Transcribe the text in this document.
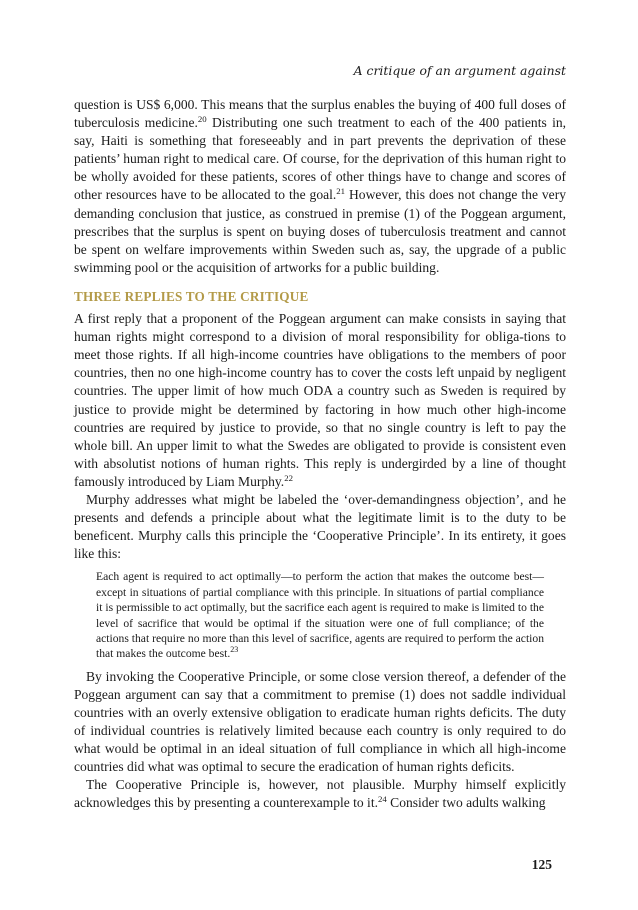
A critique of an argument against

question is US$ 6,000. This means that the surplus enables the buying of 400 full doses of tuberculosis medicine.$^{20}$ Distributing one such treatment to each of the 400 patients in, say, Haiti is something that foreseeably and in part prevents the deprivation of these patients’ human right to medical care. Of course, for the deprivation of this human right to be wholly avoided for these patients, scores of other things have to change and scores of other resources have to be allocated to the goal.$^{21}$ However, this does not change the very demanding conclusion that justice, as construed in premise (1) of the Poggean argument, prescribes that the surplus is spent on buying doses of tuberculosis treatment and cannot be spent on welfare improvements within Sweden such as, say, the upgrade of a public swimming pool or the acquisition of artworks for a public building.

THREE REPLIES TO THE CRITIQUE

A first reply that a proponent of the Poggean argument can make consists in saying that human rights might correspond to a division of moral responsibility for obliga-tions to meet those rights. If all high-income countries have obligations to the members of poor countries, then no one high-income country has to cover the costs left unpaid by negligent countries. The upper limit of how much ODA a country such as Sweden is required by justice to provide might be determined by factoring in how much other high-income countries are required by justice to provide, so that no single country is left to pay the whole bill. An upper limit to what the Swedes are obligated to provide is consistent even with absolutist notions of human rights. This reply is undergirded by a line of thought famously introduced by Liam Murphy.$^{22}$

Murphy addresses what might be labeled the ‘over-demandingness objection’, and he presents and defends a principle about what the legitimate limit is to the duty to be beneficent. Murphy calls this principle the ‘Cooperative Principle’. In its entirety, it goes like this:

Each agent is required to act optimally—to perform the action that makes the outcome best—except in situations of partial compliance with this principle. In situations of partial compliance it is permissible to act optimally, but the sacrifice each agent is required to make is limited to the level of sacrifice that would be optimal if the situation were one of full compliance; of the actions that require no more than this level of sacrifice, agents are required to perform the action that makes the outcome best.$^{23}$

By invoking the Cooperative Principle, or some close version thereof, a defender of the Poggean argument can say that a commitment to premise (1) does not saddle individual countries with an overly extensive obligation to eradicate human rights deficits. The duty of individual countries is relatively limited because each country is only required to do what would be optimal in an ideal situation of full compliance in which all high-income countries did what was optimal to secure the eradication of human rights deficits.

The Cooperative Principle is, however, not plausible. Murphy himself explicitly acknowledges this by presenting a counterexample to it.$^{24}$ Consider two adults walking

125
